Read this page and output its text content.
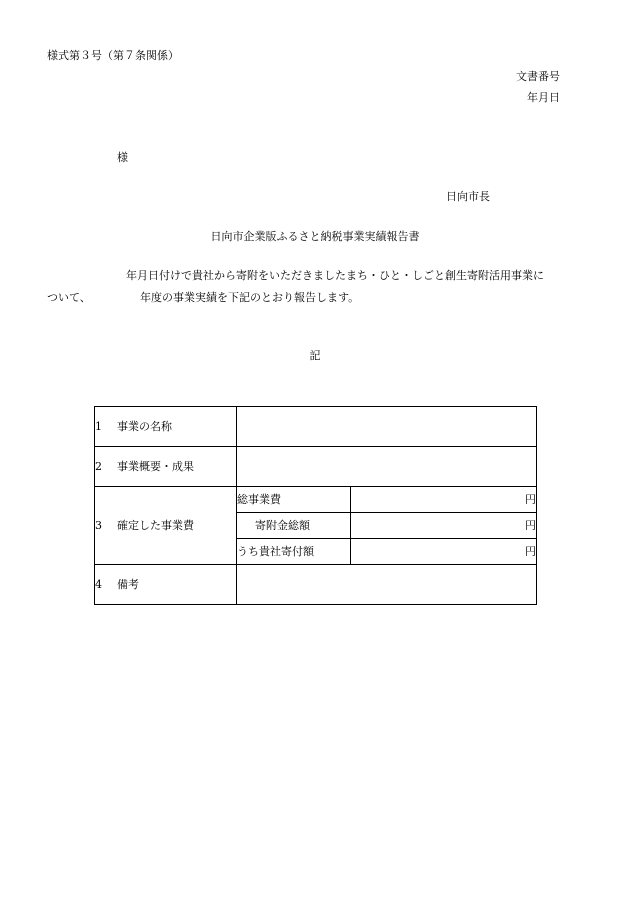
様式第３号（第７条関係）
文書番号
年月日
様
日向市長
日向市企業版ふるさと納税事業実績報告書
年月日付けで貴社から寄附をいただきましたまち・ひと・しごと創生寄附活用事業に
ついて、	年度の事業実績を下記のとおり報告します。
記
1 事業の名称		
2 事業概要・成果		
3 確定した事業費	総事業費	円
	寄附金総額	円
	うち貴社寄付額	円
4 備考		
